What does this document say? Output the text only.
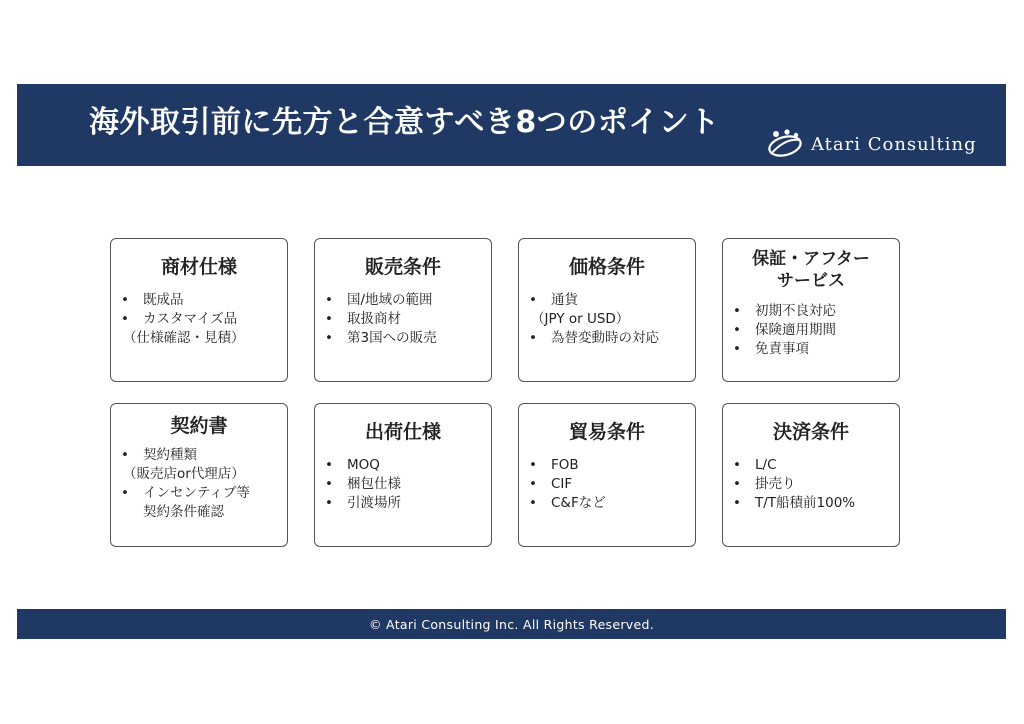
海外取引前に先方と合意すべき8つのポイント
Atari Consulting
商材仕様
• 既成品
• カスタマイズ品
（仕様確認・見積）
販売条件
• 国/地域の範囲
• 取扱商材
• 第3国への販売
価格条件
• 通貨
（JPY or USD）
• 為替変動時の対応
保証・アフター
サービス
• 初期不良対応
• 保険適用期間
• 免責事項
契約書
• 契約種類
（販売店or代理店）
• インセンティブ等
契約条件確認
出荷仕様
• MOQ
• 梱包仕様
• 引渡場所
貿易条件
• FOB
• CIF
• C&Fなど
決済条件
• L/C
• 掛売り
• T/T船積前100%
© Atari Consulting Inc. All Rights Reserved.
